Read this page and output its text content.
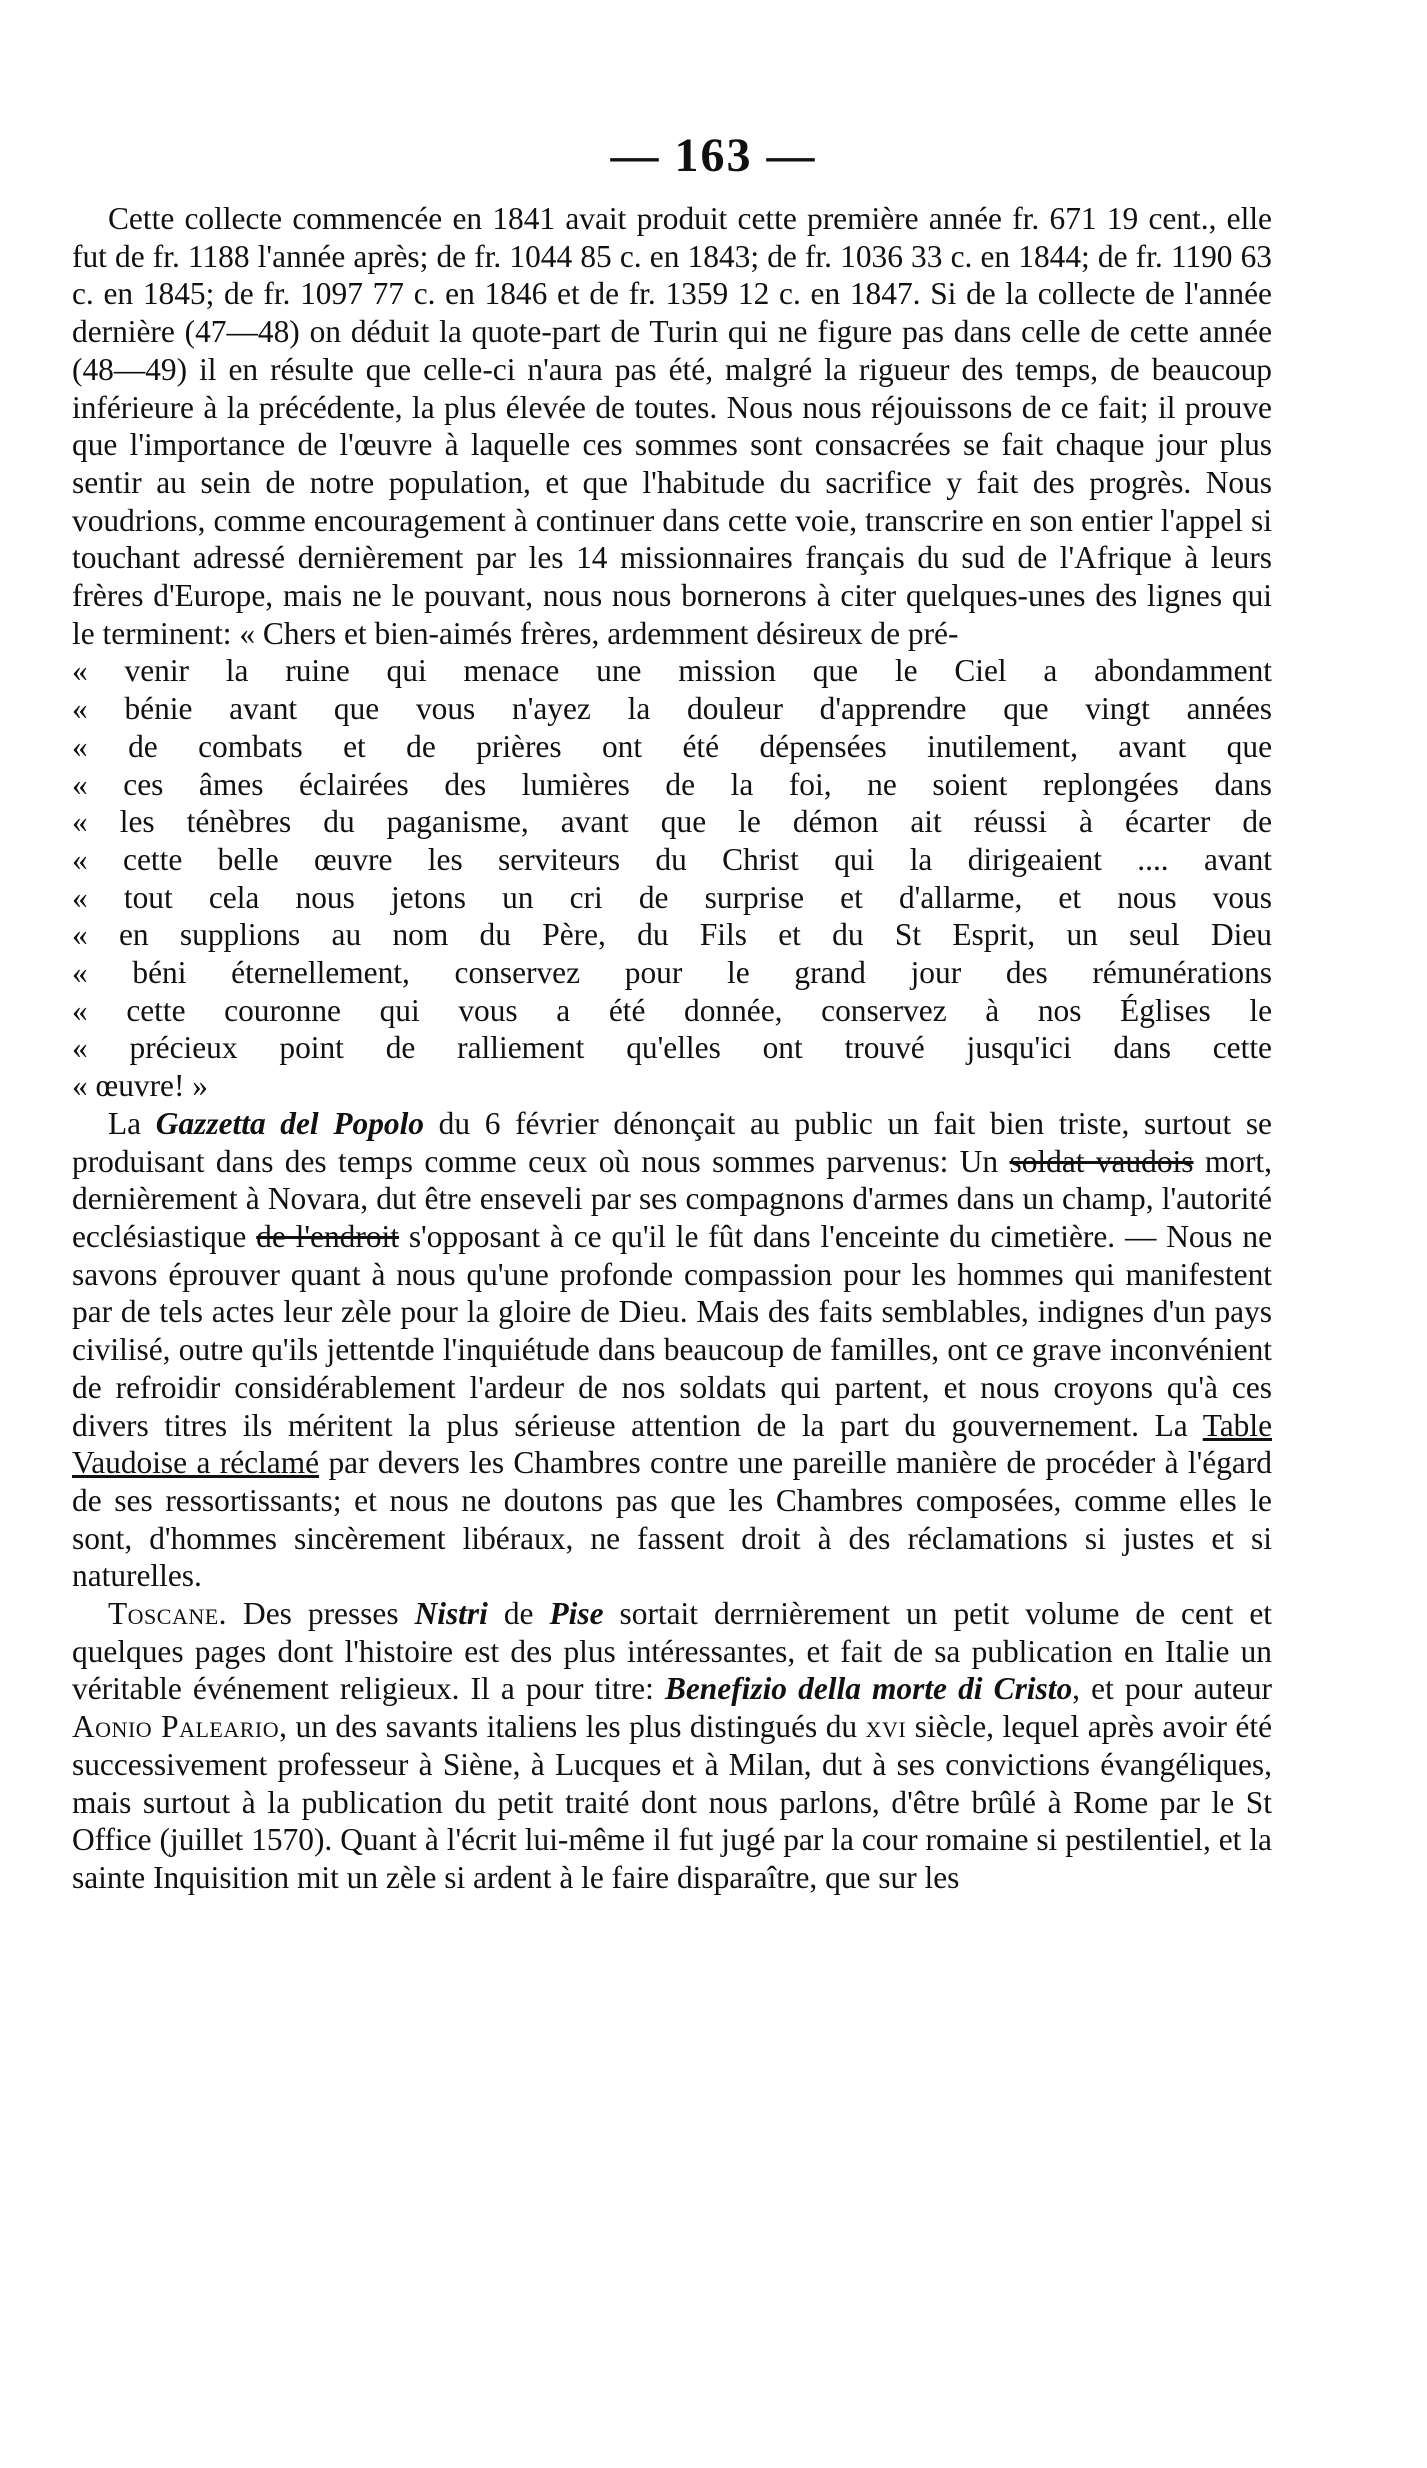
— 163 —

Cette collecte commencée en 1841 avait produit cette première année fr. 671 19 cent., elle fut de fr. 1188 l'année après; de fr. 1044 85 c. en 1843; de fr. 1036 33 c. en 1844; de fr. 1190 63 c. en 1845; de fr. 1097 77 c. en 1846 et de fr. 1359 12 c. en 1847. Si de la collecte de l'année dernière (47—48) on déduit la quote-part de Turin qui ne figure pas dans celle de cette année (48—49) il en résulte que celle-ci n'aura pas été, malgré la rigueur des temps, de beaucoup inférieure à la précédente, la plus élevée de toutes. Nous nous réjouissons de ce fait; il prouve que l'importance de l'œuvre à laquelle ces sommes sont consacrées se fait chaque jour plus sentir au sein de notre population, et que l'habitude du sacrifice y fait des progrès. Nous voudrions, comme encouragement à continuer dans cette voie, transcrire en son entier l'appel si touchant adressé dernièrement par les 14 missionnaires français du sud de l'Afrique à leurs frères d'Europe, mais ne le pouvant, nous nous bornerons à citer quelques-unes des lignes qui le terminent: « Chers et bien-aimés frères, ardemment désireux de pré-

« venir la ruine qui menace une mission que le Ciel a abondamment
« bénie avant que vous n'ayez la douleur d'apprendre que vingt années
« de combats et de prières ont été dépensées inutilement, avant que
« ces âmes éclairées des lumières de la foi, ne soient replongées dans
« les ténèbres du paganisme, avant que le démon ait réussi à écarter de
« cette belle œuvre les serviteurs du Christ qui la dirigeaient .... avant
« tout cela nous jetons un cri de surprise et d'allarme, et nous vous
« en supplions au nom du Père, du Fils et du St Esprit, un seul Dieu
« béni éternellement, conservez pour le grand jour des rémunérations
« cette couronne qui vous a été donnée, conservez à nos Églises le
« précieux point de ralliement qu'elles ont trouvé jusqu'ici dans cette
« œuvre! »

La Gazzetta del Popolo du 6 février dénonçait au public un fait bien triste, surtout se produisant dans des temps comme ceux où nous sommes parvenus: Un soldat vaudois mort, dernièrement à Novara, dut être enseveli par ses compagnons d'armes dans un champ, l'autorité ecclésiastique de l'endroit s'opposant à ce qu'il le fût dans l'enceinte du cimetière. — Nous ne savons éprouver quant à nous qu'une profonde compassion pour les hommes qui manifestent par de tels actes leur zèle pour la gloire de Dieu. Mais des faits semblables, indignes d'un pays civilisé, outre qu'ils jettentde l'inquiétude dans beaucoup de familles, ont ce grave inconvénient de refroidir considérablement l'ardeur de nos soldats qui partent, et nous croyons qu'à ces divers titres ils méritent la plus sérieuse attention de la part du gouvernement. La Table Vaudoise a réclamé par devers les Chambres contre une pareille manière de procéder à l'égard de ses ressortissants; et nous ne doutons pas que les Chambres composées, comme elles le sont, d'hommes sincèrement libéraux, ne fassent droit à des réclamations si justes et si naturelles.

Toscane. Des presses Nistri de Pise sortait derrnièrement un petit volume de cent et quelques pages dont l'histoire est des plus intéressantes, et fait de sa publication en Italie un véritable événement religieux. Il a pour titre: Benefizio della morte di Cristo, et pour auteur Aonio Paleario, un des savants italiens les plus distingués du xvi siècle, lequel après avoir été successivement professeur à Siène, à Lucques et à Milan, dut à ses convictions évangéliques, mais surtout à la publication du petit traité dont nous parlons, d'être brûlé à Rome par le St Office (juillet 1570). Quant à l'écrit lui-même il fut jugé par la cour romaine si pestilentiel, et la sainte Inquisition mit un zèle si ardent à le faire disparaître, que sur les
